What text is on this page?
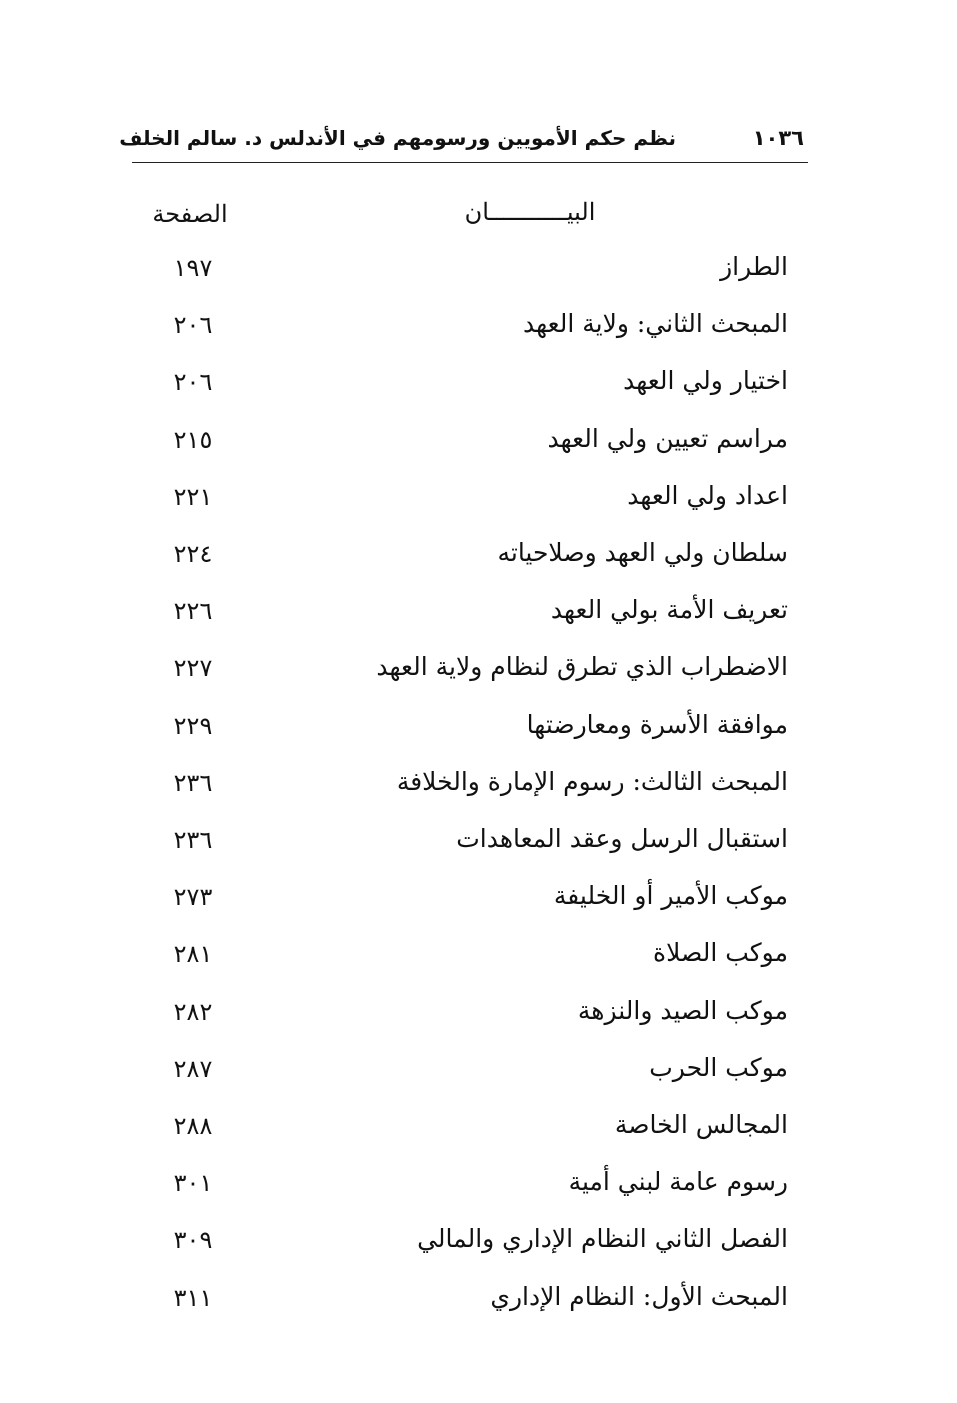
١٠٣٦
نظم حكم الأمويين ورسومهم في الأندلس د. سالم الخلف
البيـــــــــــان
الصفحة
الطراز
١٩٧
المبحث الثاني: ولاية العهد
٢٠٦
اختيار ولي العهد
٢٠٦
مراسم تعيين ولي العهد
٢١٥
اعداد ولي العهد
٢٢١
سلطان ولي العهد وصلاحياته
٢٢٤
تعريف الأمة بولي العهد
٢٢٦
الاضطراب الذي تطرق لنظام ولاية العهد
٢٢٧
موافقة الأسرة ومعارضتها
٢٢٩
المبحث الثالث: رسوم الإمارة والخلافة
٢٣٦
استقبال الرسل وعقد المعاهدات
٢٣٦
موكب الأمير أو الخليفة
٢٧٣
موكب الصلاة
٢٨١
موكب الصيد والنزهة
٢٨٢
موكب الحرب
٢٨٧
المجالس الخاصة
٢٨٨
رسوم عامة لبني أمية
٣٠١
الفصل الثاني النظام الإداري والمالي
٣٠٩
المبحث الأول: النظام الإداري
٣١١
